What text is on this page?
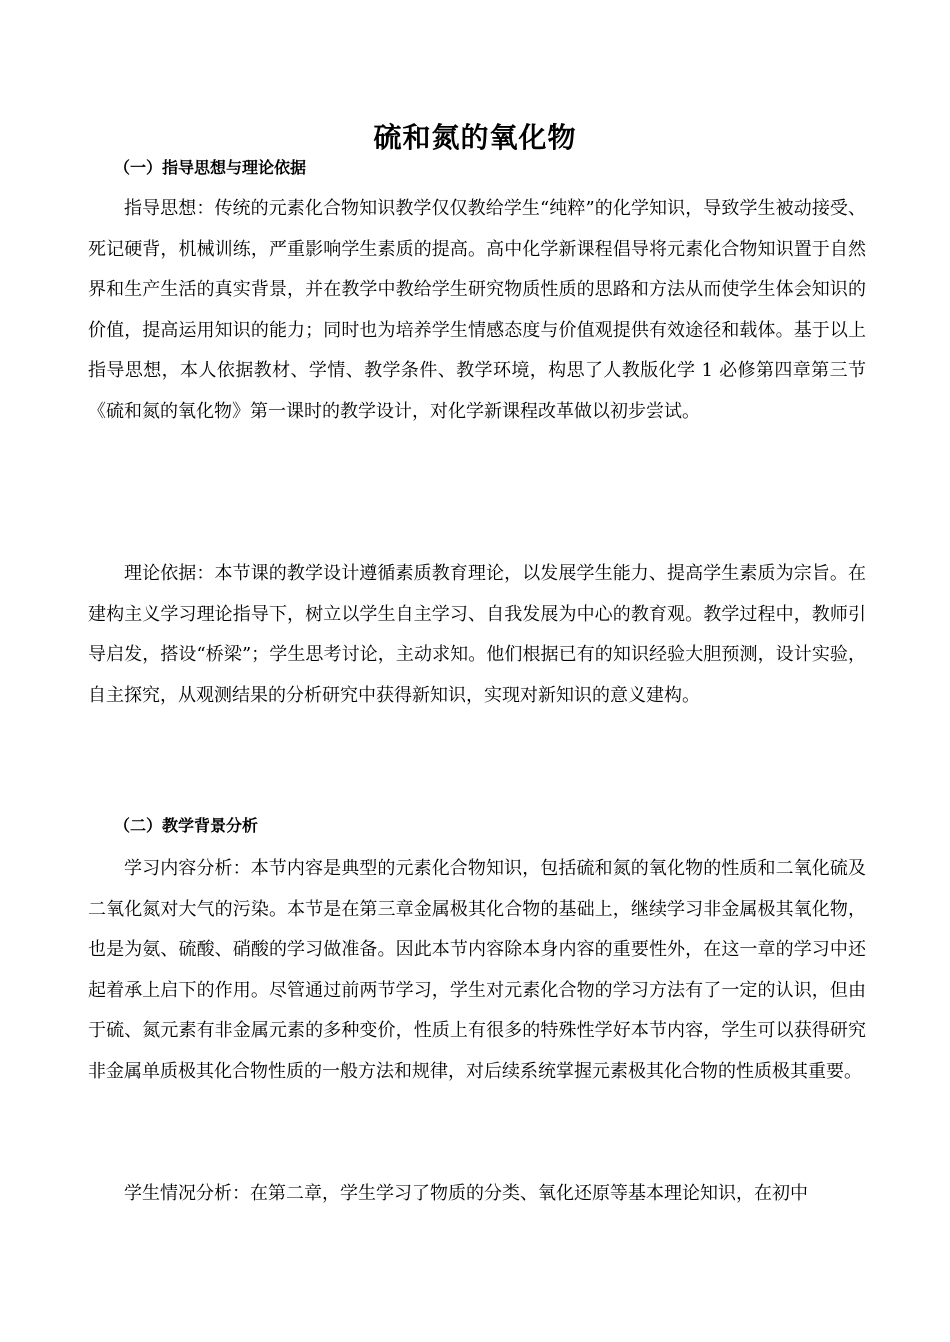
硫和氮的氧化物
（一）指导思想与理论依据

指导思想：传统的元素化合物知识教学仅仅教给学生“纯粹”的化学知识，导致学生被动接受、死记硬背，机械训练，严重影响学生素质的提高。高中化学新课程倡导将元素化合物知识置于自然界和生产生活的真实背景，并在教学中教给学生研究物质性质的思路和方法从而使学生体会知识的价值，提高运用知识的能力；同时也为培养学生情感态度与价值观提供有效途径和载体。基于以上指导思想，本人依据教材、学情、教学条件、教学环境，构思了人教版化学 1 必修第四章第三节《硫和氮的氧化物》第一课时的教学设计，对化学新课程改革做以初步尝试。

理论依据：本节课的教学设计遵循素质教育理论，以发展学生能力、提高学生素质为宗旨。在建构主义学习理论指导下，树立以学生自主学习、自我发展为中心的教育观。教学过程中，教师引导启发，搭设“桥梁”；学生思考讨论，主动求知。他们根据已有的知识经验大胆预测，设计实验，自主探究，从观测结果的分析研究中获得新知识，实现对新知识的意义建构。

（二）教学背景分析

学习内容分析：本节内容是典型的元素化合物知识，包括硫和氮的氧化物的性质和二氧化硫及二氧化氮对大气的污染。本节是在第三章金属极其化合物的基础上，继续学习非金属极其氧化物，也是为氨、硫酸、硝酸的学习做准备。因此本节内容除本身内容的重要性外，在这一章的学习中还起着承上启下的作用。尽管通过前两节学习，学生对元素化合物的学习方法有了一定的认识，但由于硫、氮元素有非金属元素的多种变价，性质上有很多的特殊性学好本节内容，学生可以获得研究非金属单质极其化合物性质的一般方法和规律，对后续系统掌握元素极其化合物的性质极其重要。

学生情况分析：在第二章，学生学习了物质的分类、氧化还原等基本理论知识，在初中
